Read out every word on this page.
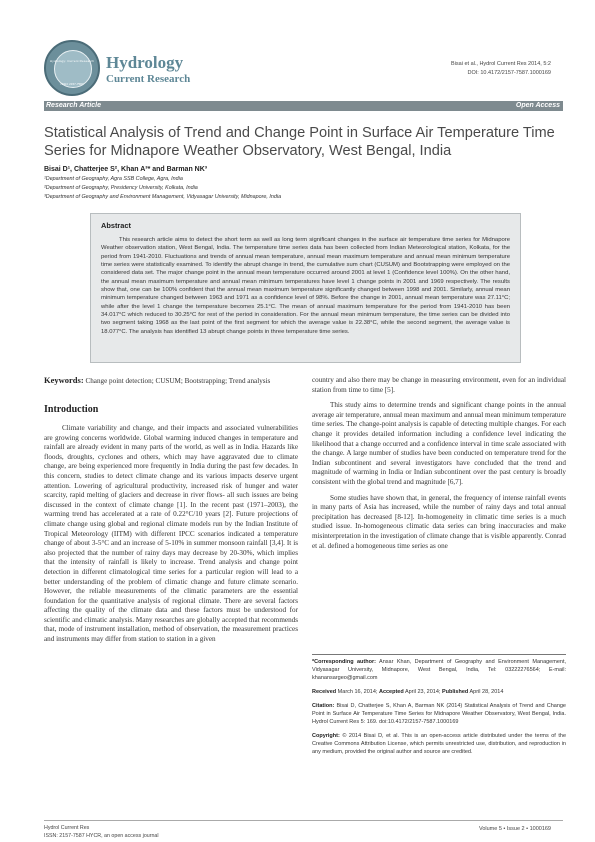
Hydrology: Current Research
ISSN: 2157-7587
Hydrology
Current Research
Bisai et al., Hydrol Current Res 2014, 5:2
DOI: 10.4172/2157-7587.1000169
Research Article	Open Access
Statistical Analysis of Trend and Change Point in Surface Air Temperature Time Series for Midnapore Weather Observatory, West Bengal, India
Bisai D¹, Chatterjee S², Khan A³* and Barman NK³
¹Department of Geography, Agra SSB College, Agra, India
²Department of Geography, Presidency University, Kolkata, India
³Department of Geography and Environment Management, Vidyasagar University, Midnapore, India
Abstract
This research article aims to detect the short term as well as long term significant changes in the surface air temperature time series for Midnapore Weather observation station, West Bengal, India. The temperature time series data has been collected from Indian Meteorological station, Kolkata, for the period from 1941-2010. Fluctuations and trends of annual mean temperature, annual mean maximum temperature and annual mean minimum temperature time series were statistically examined. To identify the abrupt change in trend, the cumulative sum chart (CUSUM) and Bootstrapping were employed on the considered data set. The major change point in the annual mean temperature occurred around 2001 at level 1 (Confidence level 100%). On the other hand, the annual mean maximum temperature and annual mean minimum temperatures have level 1 change points in 2001 and 1969 respectively. The results show that, one can be 100% confident that the annual mean maximum temperature significantly changed between 1998 and 2001. Similarly, annual mean minimum temperature changed between 1963 and 1971 as a confidence level of 98%. Before the change in 2001, annual mean temperature was 27.11°C; while after the level 1 change the temperature becomes 25.1°C. The mean of annual maximum temperature for the period from 1941-2010 has been 34.017°C which reduced to 30.25°C for rest of the period in consideration. For the annual mean minimum temperature, the time series can be divided into two segment taking 1968 as the last point of the first segment for which the average value is 22.38°C, while the second segment, the average value is 18.077°C. The analysis has identified 13 abrupt change points in three temperature time series.
Keywords: Change point detection; CUSUM; Bootstrapping; Trend analysis
Introduction

Climate variability and change, and their impacts and associated vulnerabilities are growing concerns worldwide. Global warming induced changes in temperature and rainfall are already evident in many parts of the world, as well as in India. Hazards like floods, droughts, cyclones and others, which may have aggravated due to climate change, are being experienced more frequently in India during the past few decades. In this concern, studies to detect climate change and its various impacts deserve urgent attention. Lowering of agricultural productivity, increased risk of hunger and water scarcity, rapid melting of glaciers and decrease in river flows- all such issues are being discussed in the context of climate change [1]. In the recent past (1971–2003), the warming trend has accelerated at a rate of 0.22°C/10 years [2]. Future projections of climate change using global and regional climate models run by the Indian Institute of Tropical Meteorology (IITM) with different IPCC scenarios indicated a temperature change of about 3-5°C and an increase of 5-10% in summer monsoon rainfall [3,4]. It is also projected that the number of rainy days may decrease by 20-30%, which implies that the intensity of rainfall is likely to increase. Trend analysis and change point detection in different climatological time series for a particular region will lead to a better understanding of the problem of climatic change and future climate scenario. However, the reliable measurements of the climatic parameters are the essential foundation for the quantitative analysis of regional climate. There are several factors affecting the quality of the climate data and these factors must be understood for scientific and climatic analysis. Many researches are globally accepted that recommends that, mode of instrument installation, method of observation, the measurement practices and instruments may differ from station to station in a given

country and also there may be change in measuring environment, even for an individual station from time to time [5].

This study aims to determine trends and significant change points in the annual average air temperature, annual mean maximum and annual mean minimum temperature time series. The change-point analysis is capable of detecting multiple changes. For each change it provides detailed information including a confidence level indicating the likelihood that a change occurred and a confidence interval in time scale associated with the change. A large number of studies have been conducted on temperature trend for the Indian subcontinent and several investigators have concluded that the trend and magnitude of warming in India or Indian subcontinent over the past century is broadly consistent with the global trend and magnitude [6,7].

Some studies have shown that, in general, the frequency of intense rainfall events in many parts of Asia has increased, while the number of rainy days and total annual precipitation has decreased [8-12]. In-homogeneity in climatic time series is a much studied issue. In-homogeneous climatic data series can bring inaccuracies and make misinterpretation in the investigation of climate change that is visible apparently. Conrad et al. defined a homogeneous time series as one

*Corresponding author: Ansar Khan, Department of Geography and Environment Management, Vidyasagar University, Midnapore, West Bengal, India, Tel: 03222276564; E-mail: khanansargeo@gmail.com
Received March 16, 2014; Accepted April 23, 2014; Published April 28, 2014
Citation: Bisai D, Chatterjee S, Khan A, Barman NK (2014) Statistical Analysis of Trend and Change Point in Surface Air Temperature Time Series for Midnapore Weather Observatory, West Bengal, India. Hydrol Current Res 5: 169. doi:10.4172/2157-7587.1000169
Copyright: © 2014 Bisai D, et al. This is an open-access article distributed under the terms of the Creative Commons Attribution License, which permits unrestricted use, distribution, and reproduction in any medium, provided the original author and source are credited.
Hydrol Current Res
ISSN: 2157-7587 HYCR, an open access journal
Volume 5 • Issue 2 • 1000169
